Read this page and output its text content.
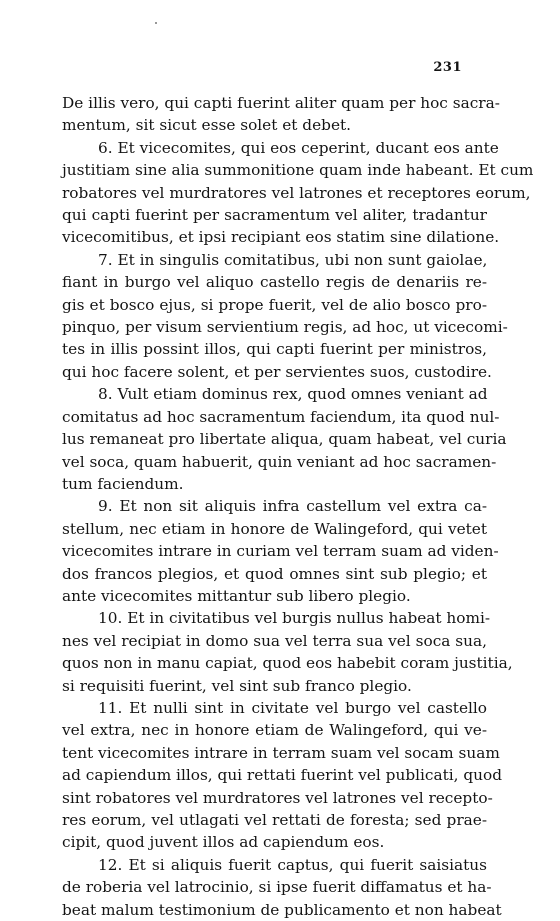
231
De illis vero, qui capti fuerint aliter quam per hoc sacra-
mentum, sit sicut esse solet et debet.
6. Et vicecomites, qui eos ceperint, ducant eos ante
justitiam sine alia summonitione quam inde habeant. Et cum
robatores vel murdratores vel latrones et receptores eorum,
qui capti fuerint per sacramentum vel aliter, tradantur
vicecomitibus, et ipsi recipiant eos statim sine dilatione.
7. Et in singulis comitatibus, ubi non sunt gaiolae,
fiant in burgo vel aliquo castello regis de denariis re-
gis et bosco ejus, si prope fuerit, vel de alio bosco pro-
pinquo, per visum servientium regis, ad hoc, ut vicecomi-
tes in illis possint illos, qui capti fuerint per ministros,
qui hoc facere solent, et per servientes suos, custodire.
8. Vult etiam dominus rex, quod omnes veniant ad
comitatus ad hoc sacramentum faciendum, ita quod nul-
lus remaneat pro libertate aliqua, quam habeat, vel curia
vel soca, quam habuerit, quin veniant ad hoc sacramen-
tum faciendum.
9. Et non sit aliquis infra castellum vel extra ca-
stellum, nec etiam in honore de Walingeford, qui vetet
vicecomites intrare in curiam vel terram suam ad viden-
dos francos plegios, et quod omnes sint sub plegio; et
ante vicecomites mittantur sub libero plegio.
10. Et in civitatibus vel burgis nullus habeat homi-
nes vel recipiat in domo sua vel terra sua vel soca sua,
quos non in manu capiat, quod eos habebit coram justitia,
si requisiti fuerint, vel sint sub franco plegio.
11. Et nulli sint in civitate vel burgo vel castello
vel extra, nec in honore etiam de Walingeford, qui ve-
tent vicecomites intrare in terram suam vel socam suam
ad capiendum illos, qui rettati fuerint vel publicati, quod
sint robatores vel murdratores vel latrones vel recepto-
res eorum, vel utlagati vel rettati de foresta; sed prae-
cipit, quod juvent illos ad capiendum eos.
12. Et si aliquis fuerit captus, qui fuerit saisiatus
de roberia vel latrocinio, si ipse fuerit diffamatus et ha-
beat malum testimonium de publicamento et non habeat
